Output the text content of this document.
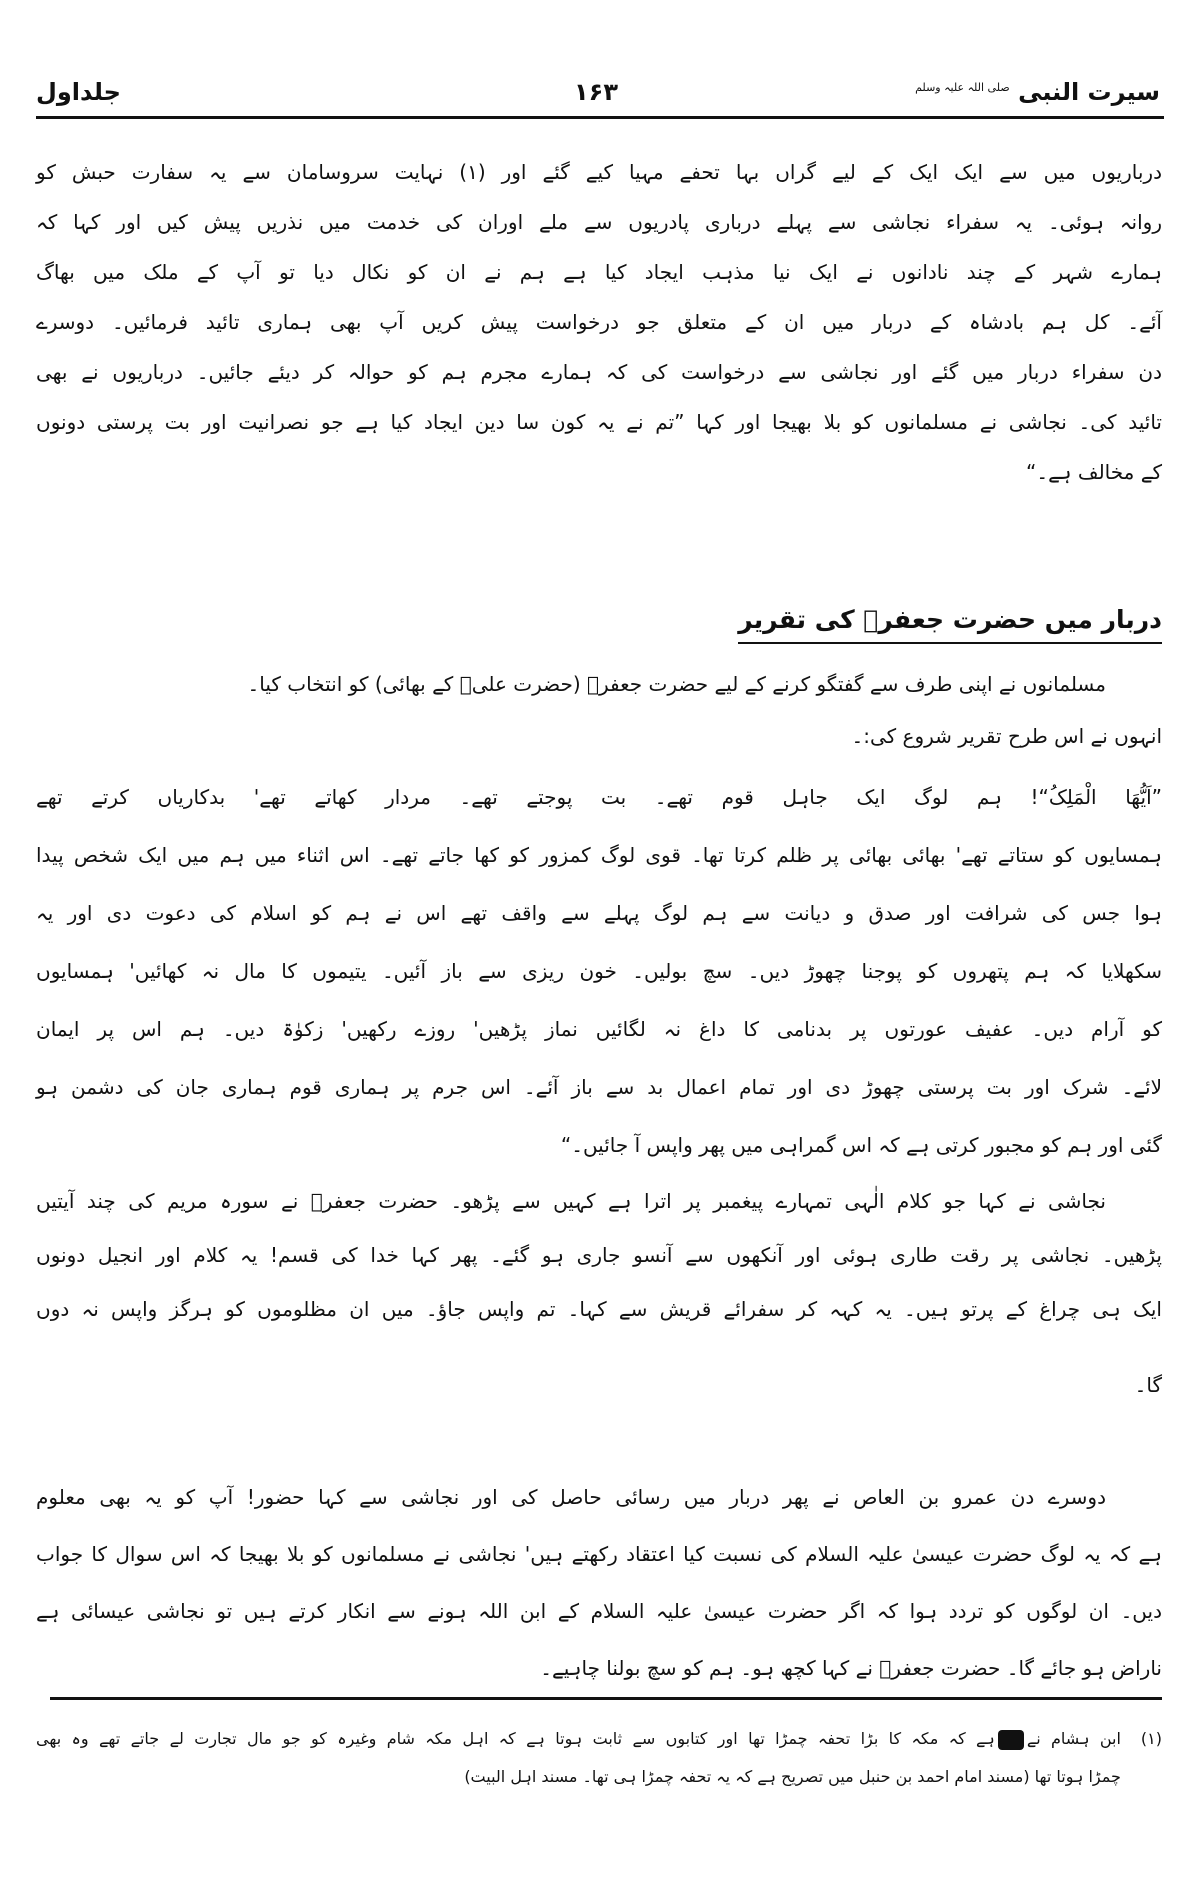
سیرت النبی $^{صلی اللہ علیہ وسلم}$
۱۶۳
جلداول
درباریوں میں سے ایک ایک کے لیے گراں بہا تحفے مہیا کیے گئے اور (۱) نہایت سروسامان سے یہ سفارت حبش کو
روانہ ہوئی۔ یہ سفراء نجاشی سے پہلے درباری پادریوں سے ملے اوران کی خدمت میں نذریں پیش کیں اور کہا کہ
ہمارے شہر کے چند نادانوں نے ایک نیا مذہب ایجاد کیا ہے ہم نے ان کو نکال دیا تو آپ کے ملک میں بھاگ
آئے۔ کل ہم بادشاہ کے دربار میں ان کے متعلق جو درخواست پیش کریں آپ بھی ہماری تائید فرمائیں۔ دوسرے
دن سفراء دربار میں گئے اور نجاشی سے درخواست کی کہ ہمارے مجرم ہم کو حوالہ کر دیئے جائیں۔ درباریوں نے بھی
تائید کی۔ نجاشی نے مسلمانوں کو بلا بھیجا اور کہا ”تم نے یہ کون سا دین ایجاد کیا ہے جو نصرانیت اور بت پرستی دونوں
کے مخالف ہے۔“
دربار میں حضرت جعفرؓ کی تقریر
مسلمانوں نے اپنی طرف سے گفتگو کرنے کے لیے حضرت جعفرؓ (حضرت علیؓ کے بھائی) کو انتخاب کیا۔
انہوں نے اس طرح تقریر شروع کی:۔
”اَیُّھَا الْمَلِکُ“! ہم لوگ ایک جاہل قوم تھے۔ بت پوجتے تھے۔ مردار کھاتے تھے' بدکاریاں کرتے تھے
ہمسایوں کو ستاتے تھے' بھائی بھائی پر ظلم کرتا تھا۔ قوی لوگ کمزور کو کھا جاتے تھے۔ اس اثناء میں ہم میں ایک شخص پیدا
ہوا جس کی شرافت اور صدق و دیانت سے ہم لوگ پہلے سے واقف تھے اس نے ہم کو اسلام کی دعوت دی اور یہ
سکھلایا کہ ہم پتھروں کو پوجنا چھوڑ دیں۔ سچ بولیں۔ خون ریزی سے باز آئیں۔ یتیموں کا مال نہ کھائیں' ہمسایوں
کو آرام دیں۔ عفیف عورتوں پر بدنامی کا داغ نہ لگائیں نماز پڑھیں' روزے رکھیں' زکوٰۃ دیں۔ ہم اس پر ایمان
لائے۔ شرک اور بت پرستی چھوڑ دی اور تمام اعمال بد سے باز آئے۔ اس جرم پر ہماری قوم ہماری جان کی دشمن ہو
گئی اور ہم کو مجبور کرتی ہے کہ اس گمراہی میں پھر واپس آ جائیں۔“
نجاشی نے کہا جو کلام الٰہی تمہارے پیغمبر پر اترا ہے کہیں سے پڑھو۔ حضرت جعفرؓ نے سورہ مریم کی چند آیتیں
پڑھیں۔ نجاشی پر رقت طاری ہوئی اور آنکھوں سے آنسو جاری ہو گئے۔ پھر کہا خدا کی قسم! یہ کلام اور انجیل دونوں
ایک ہی چراغ کے پرتو ہیں۔ یہ کہہ کر سفرائے قریش سے کہا۔ تم واپس جاؤ۔ میں ان مظلوموں کو ہرگز واپس نہ دوں
گا۔
دوسرے دن عمرو بن العاص نے پھر دربار میں رسائی حاصل کی اور نجاشی سے کہا حضور! آپ کو یہ بھی معلوم
ہے کہ یہ لوگ حضرت عیسیٰ علیہ السلام کی نسبت کیا اعتقاد رکھتے ہیں' نجاشی نے مسلمانوں کو بلا بھیجا کہ اس سوال کا جواب
دیں۔ ان لوگوں کو تردد ہوا کہ اگر حضرت عیسیٰ علیہ السلام کے ابن اللہ ہونے سے انکار کرتے ہیں تو نجاشی عیسائی ہے
ناراض ہو جائے گا۔ حضرت جعفرؓ نے کہا کچھ ہو۔ ہم کو سچ بولنا چاہیے۔
(۱)
ابن ہشام نےہے کہ مکہ کا بڑا تحفہ چمڑا تھا اور کتابوں سے ثابت ہوتا ہے کہ اہل مکہ شام وغیرہ کو جو مال تجارت لے جاتے تھے وہ بھی
چمڑا ہوتا تھا (مسند امام احمد بن حنبل میں تصریح ہے کہ یہ تحفہ چمڑا ہی تھا۔ مسند اہل البیت)
